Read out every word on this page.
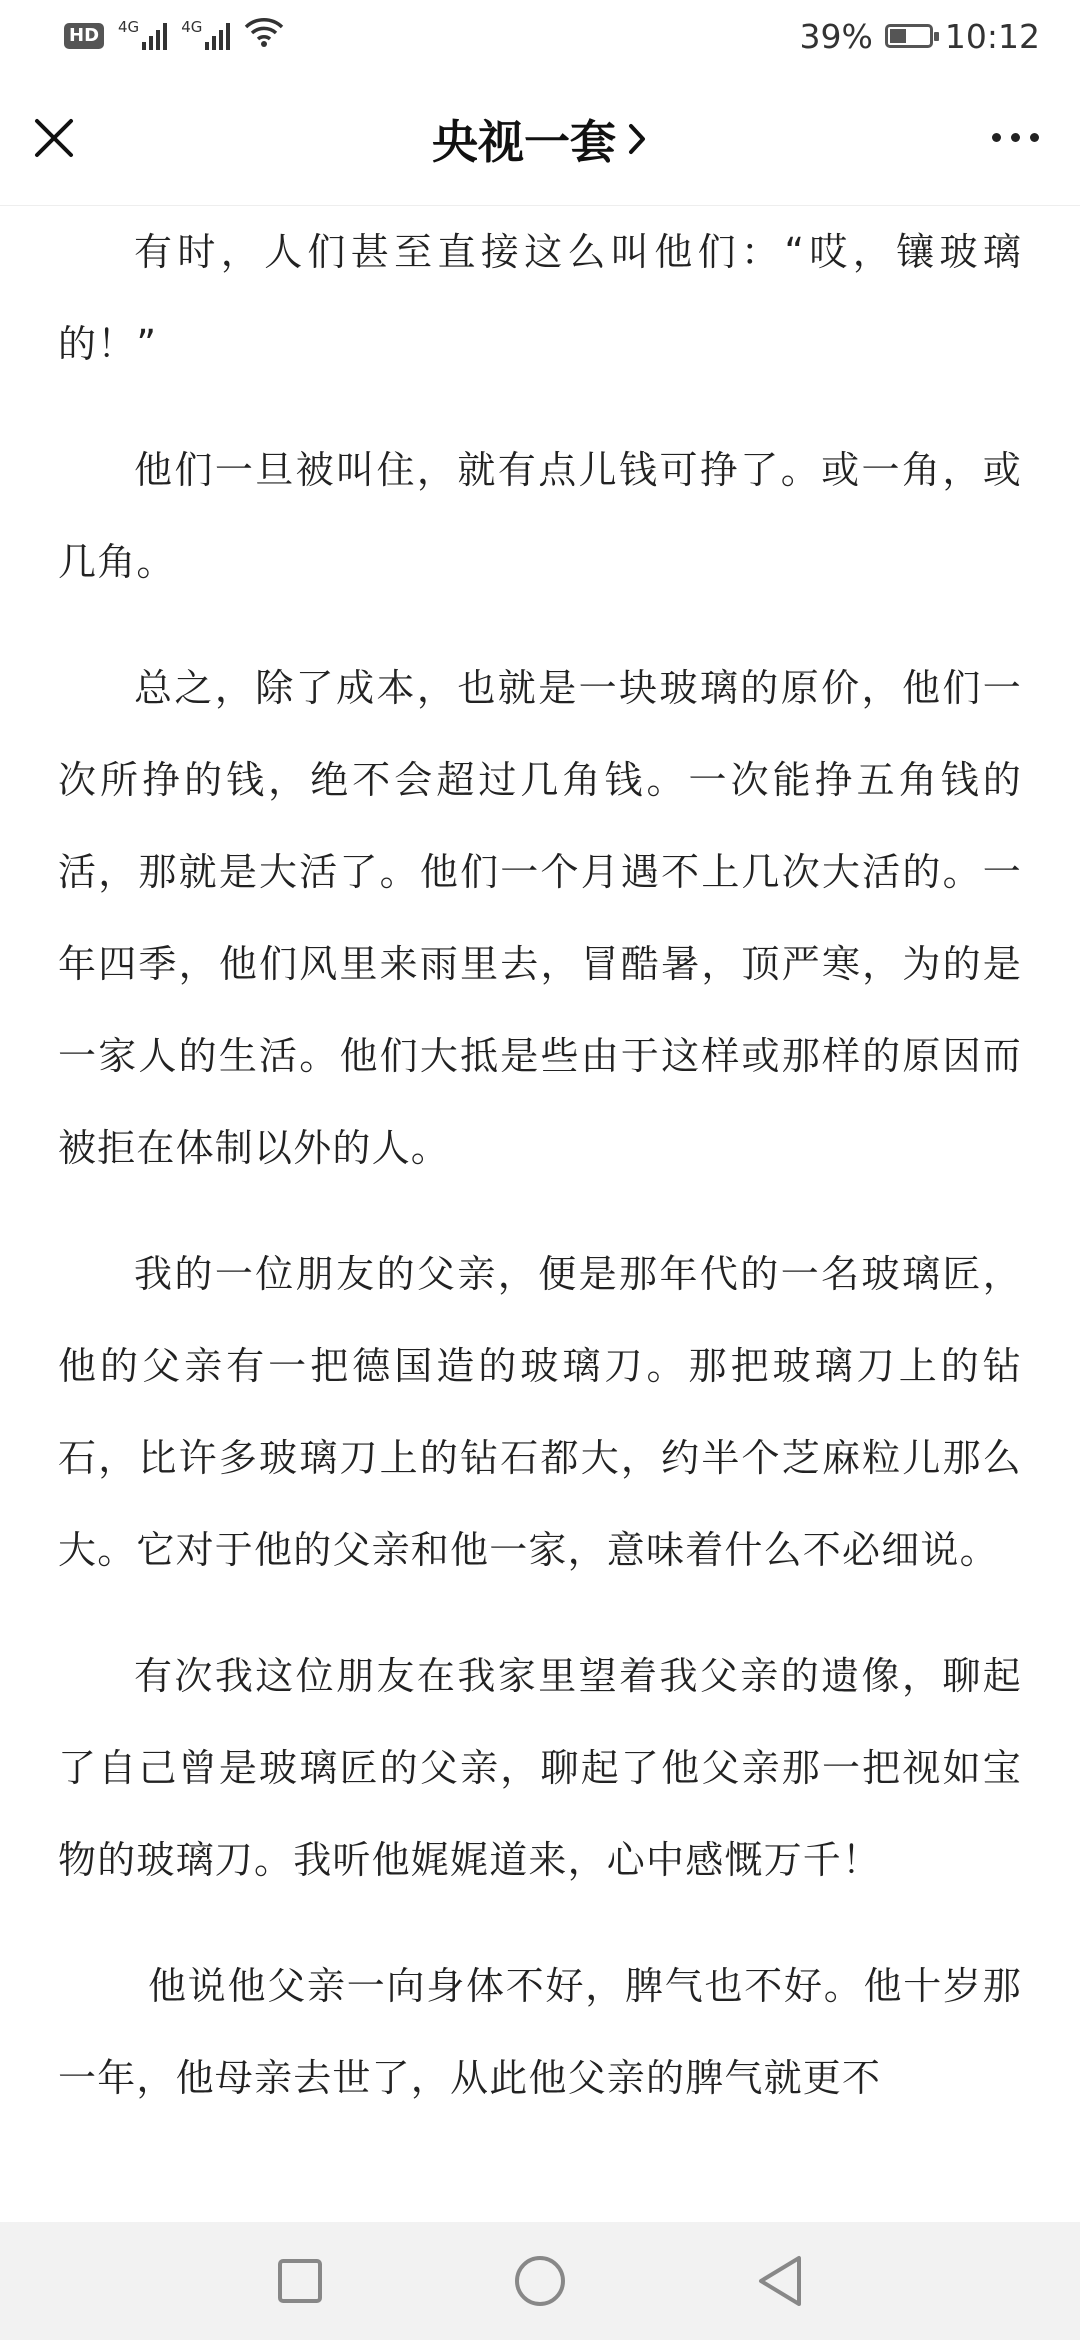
HD	4G	4G	39% 10:12
央视一套

有时，人们甚至直接这么叫他们：“哎，镶玻璃的！”

他们一旦被叫住，就有点儿钱可挣了。或一角，或几角。

总之，除了成本，也就是一块玻璃的原价，他们一次所挣的钱，绝不会超过几角钱。一次能挣五角钱的活，那就是大活了。他们一个月遇不上几次大活的。一年四季，他们风里来雨里去，冒酷暑，顶严寒，为的是一家人的生活。他们大抵是些由于这样或那样的原因而被拒在体制以外的人。

我的一位朋友的父亲，便是那年代的一名玻璃匠，他的父亲有一把德国造的玻璃刀。那把玻璃刀上的钻石，比许多玻璃刀上的钻石都大，约半个芝麻粒儿那么大。它对于他的父亲和他一家，意味着什么不必细说。

有次我这位朋友在我家里望着我父亲的遗像，聊起了自己曾是玻璃匠的父亲，聊起了他父亲那一把视如宝物的玻璃刀。我听他娓娓道来，心中感慨万千！

他说他父亲一向身体不好，脾气也不好。他十岁那一年，他母亲去世了，从此他父亲的脾气就更不
